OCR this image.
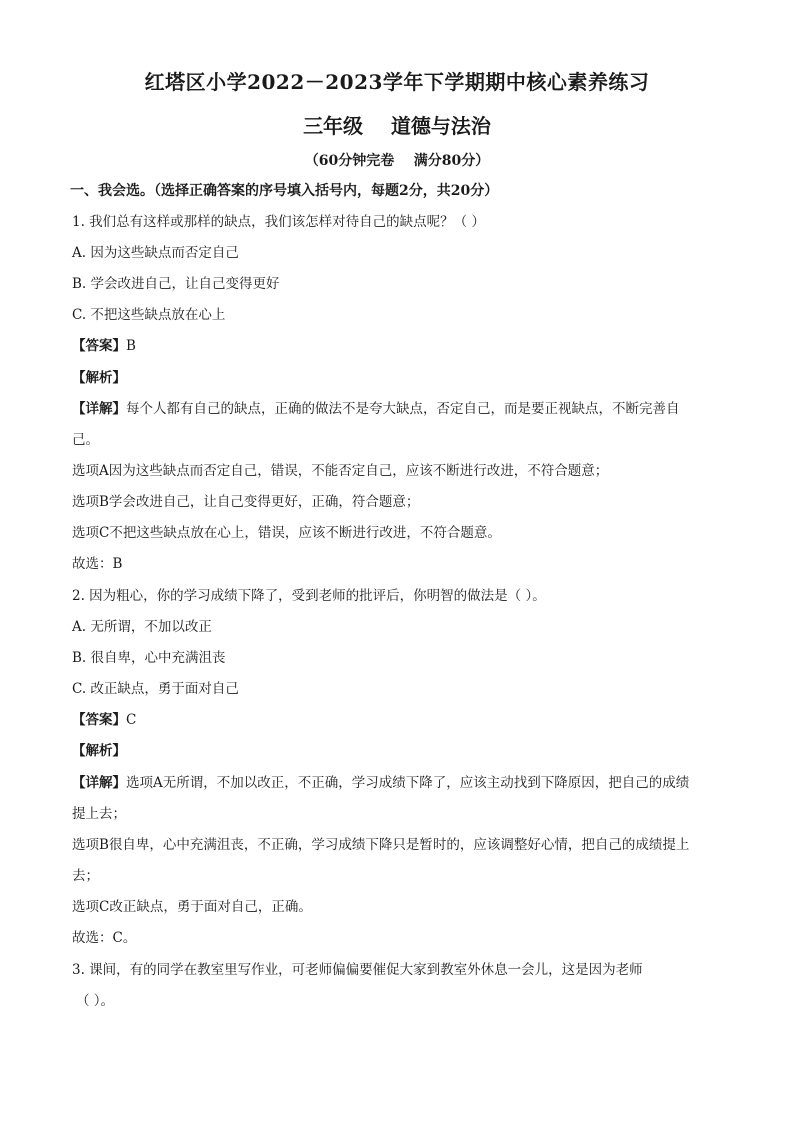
红塔区小学2022－2023学年下学期期中核心素养练习
三年级    道德与法治
（60分钟完卷    满分80分）
一、我会选。（选择正确答案的序号填入括号内，每题2分，共20分）
1. 我们总有这样或那样的缺点，我们该怎样对待自己的缺点呢？（ ）
A. 因为这些缺点而否定自己
B. 学会改进自己，让自己变得更好
C. 不把这些缺点放在心上
【答案】B
【解析】
【详解】每个人都有自己的缺点，正确的做法不是夸大缺点，否定自己，而是要正视缺点，不断完善自
己。
选项A因为这些缺点而否定自己，错误，不能否定自己，应该不断进行改进，不符合题意；
选项B学会改进自己，让自己变得更好，正确，符合题意；
选项C不把这些缺点放在心上，错误，应该不断进行改进，不符合题意。
故选：B
2. 因为粗心，你的学习成绩下降了，受到老师的批评后，你明智的做法是（ ）。
A. 无所谓，不加以改正
B. 很自卑，心中充满沮丧
C. 改正缺点，勇于面对自己
【答案】C
【解析】
【详解】选项A无所谓，不加以改正，不正确，学习成绩下降了，应该主动找到下降原因，把自己的成绩
提上去；
选项B很自卑，心中充满沮丧，不正确，学习成绩下降只是暂时的，应该调整好心情，把自己的成绩提上
去；
选项C改正缺点，勇于面对自己，正确。
故选：C。
3. 课间，有的同学在教室里写作业，可老师偏偏要催促大家到教室外休息一会儿，这是因为老师
（ ）。
